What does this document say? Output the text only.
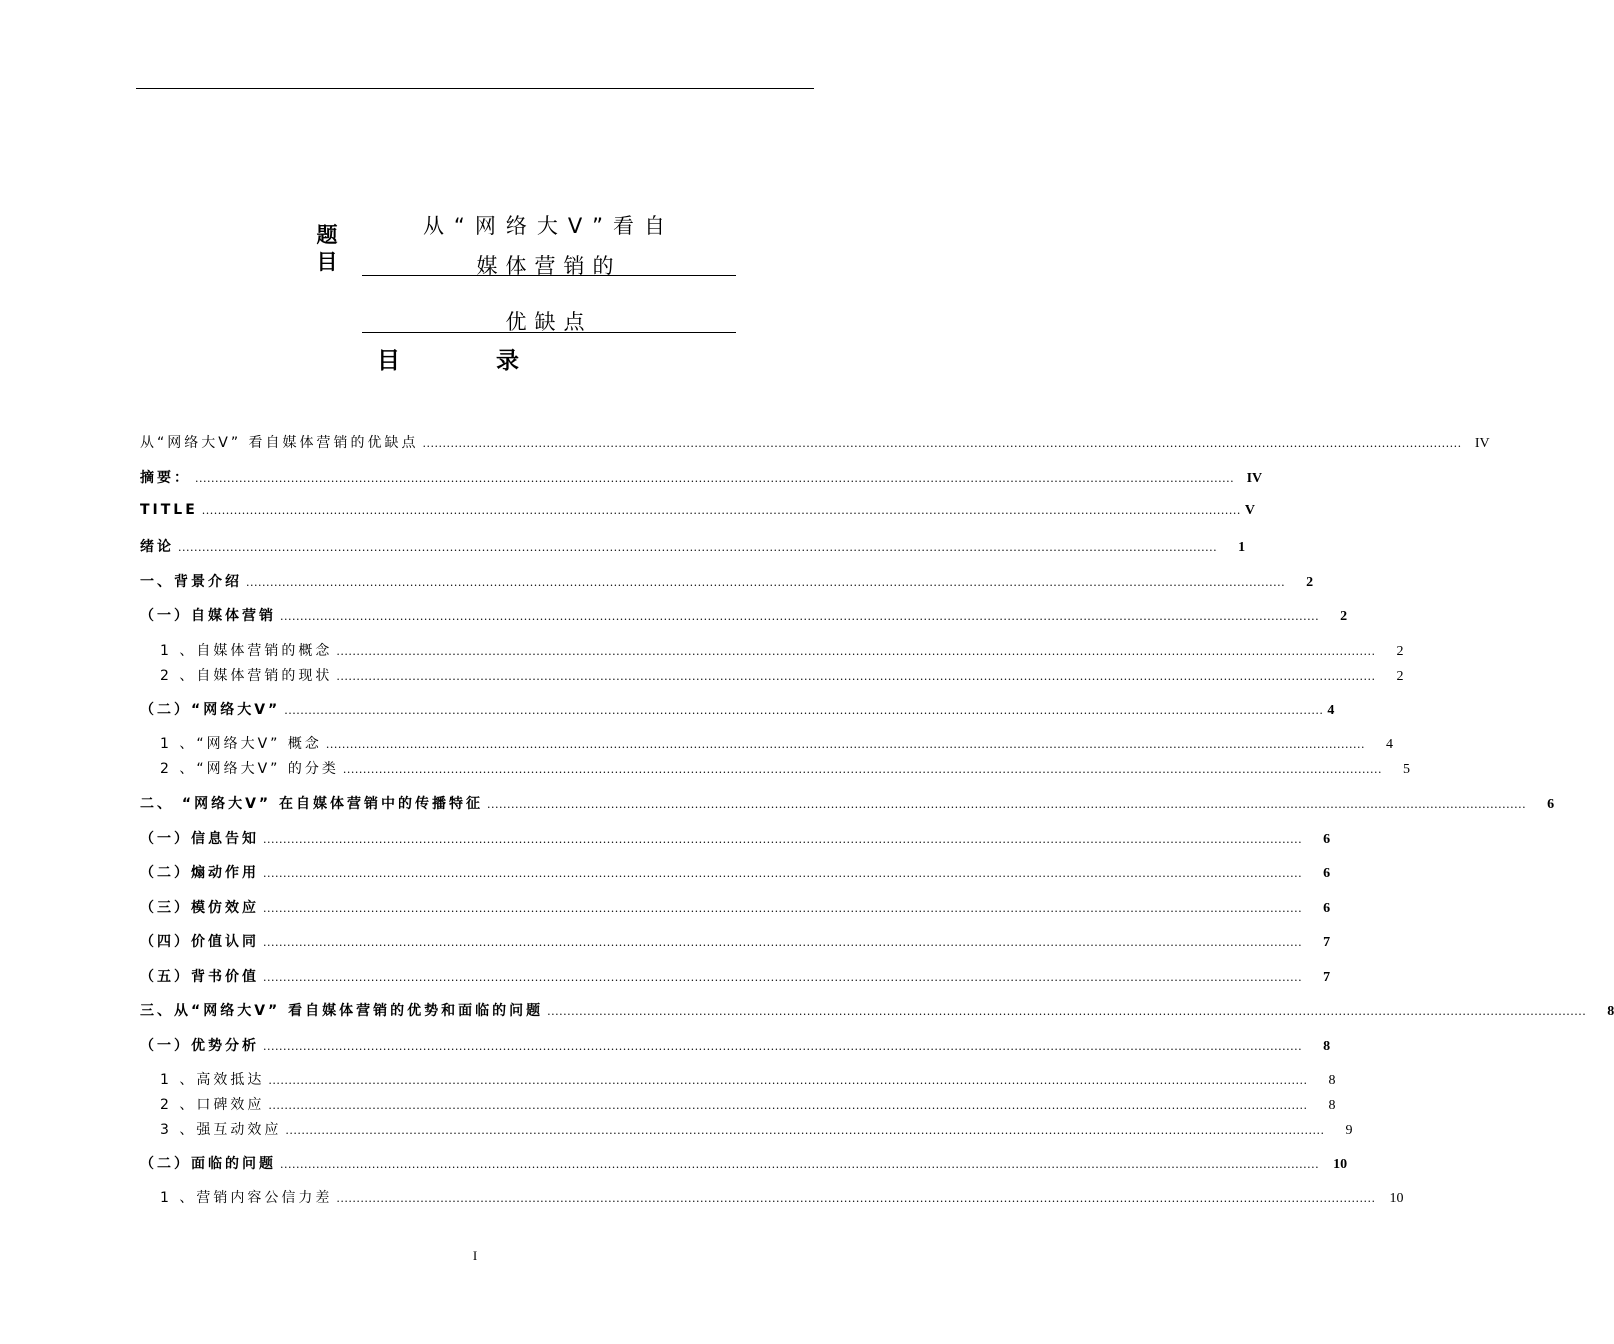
题目
从“网络大V”看自
媒体营销的
优缺点
目 录
从“网络大V” 看自媒体营销的优缺点 .................................................................................................................................................................................................................................................................... IV
摘要： .................................................................................................................................................................................................................................................................... IV
TITLE .................................................................................................................................................................................................................................................................... V
绪论 ....................................................................................................................................................................................................................................................................	1
一、背景介绍 ....................................................................................................................................................................................................................................................................	2
（一）自媒体营销 ....................................................................................................................................................................................................................................................................	2
1 、自媒体营销的概念 ....................................................................................................................................................................................................................................................................	2
2 、自媒体营销的现状 ....................................................................................................................................................................................................................................................................	2
（二）“网络大V” .................................................................................................................................................................................................................................................................... 4
1 、“网络大V” 概念 ....................................................................................................................................................................................................................................................................	4
2 、“网络大V” 的分类 ....................................................................................................................................................................................................................................................................	5
二、 “网络大V” 在自媒体营销中的传播特征 ....................................................................................................................................................................................................................................................................	6
（一）信息告知 ....................................................................................................................................................................................................................................................................	6
（二）煽动作用 ....................................................................................................................................................................................................................................................................	6
（三）模仿效应 ....................................................................................................................................................................................................................................................................	6
（四）价值认同 ....................................................................................................................................................................................................................................................................	7
（五）背书价值 ....................................................................................................................................................................................................................................................................	7
三、从“网络大V” 看自媒体营销的优势和面临的问题 ....................................................................................................................................................................................................................................................................	8
（一）优势分析 ....................................................................................................................................................................................................................................................................	8
1 、高效抵达 ....................................................................................................................................................................................................................................................................	8
2 、口碑效应 ....................................................................................................................................................................................................................................................................	8
3 、强互动效应 ....................................................................................................................................................................................................................................................................	9
（二）面临的问题 ....................................................................................................................................................................................................................................................................	10
1 、营销内容公信力差 ....................................................................................................................................................................................................................................................................	10
I
